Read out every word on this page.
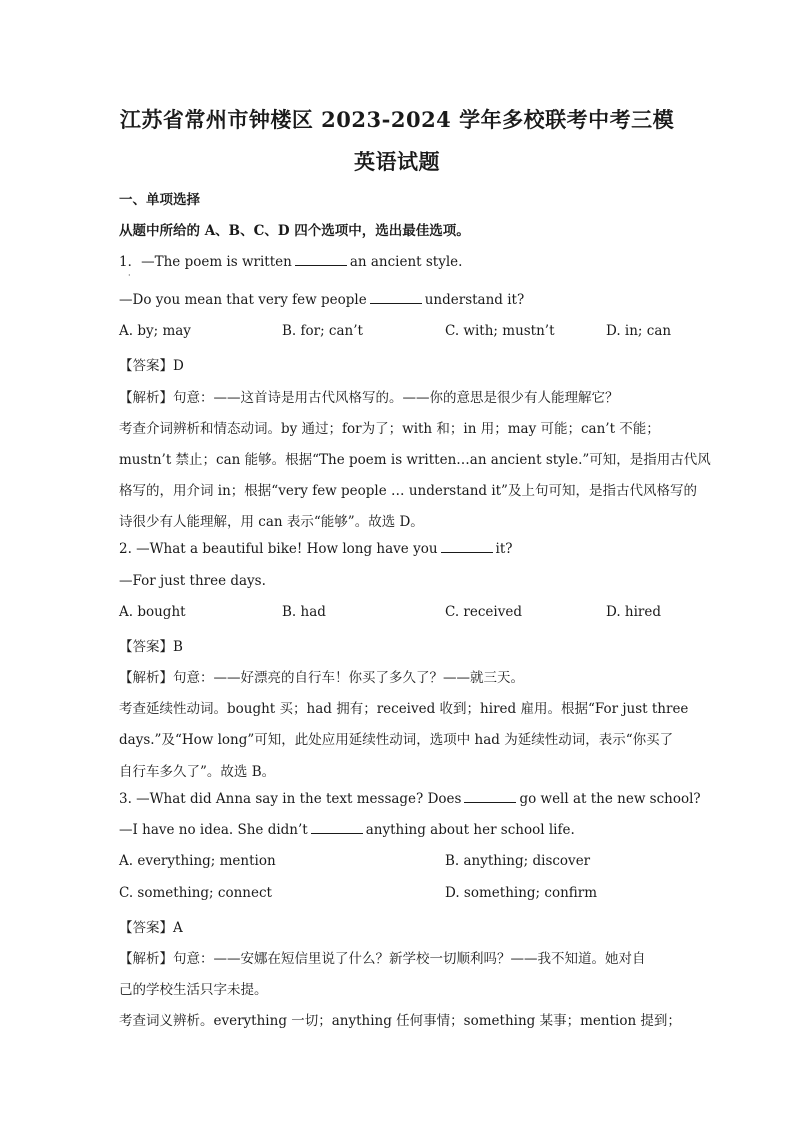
江苏省常州市钟楼区 2023-2024 学年多校联考中考三模
英语试题
一、单项选择
从题中所给的 A、B、C、D 四个选项中，选出最佳选项。
1．—The poem is written	an ancient style.
·
—Do you mean that very few people	understand it?
A. by; may	B. for; can’t	C. with; mustn’t	D. in; can
【答案】D
【解析】句意：——这首诗是用古代风格写的。——你的意思是很少有人能理解它？
考查介词辨析和情态动词。by 通过；for为了；with 和；in 用；may 可能；can’t 不能；
mustn’t 禁止；can 能够。根据“The poem is written…an ancient style.”可知，是指用古代风
格写的，用介词 in；根据“very few people … understand it”及上句可知，是指古代风格写的
诗很少有人能理解，用 can 表示“能够”。故选 D。
2. —What a beautiful bike! How long have you	it?
—For just three days.
A. bought	B. had	C. received	D. hired
【答案】B
【解析】句意：——好漂亮的自行车！你买了多久了？——就三天。
考查延续性动词。bought 买；had 拥有；received 收到；hired 雇用。根据“For just three
days.”及“How long”可知，此处应用延续性动词，选项中 had 为延续性动词，表示“你买了
自行车多久了”。故选 B。
3. —What did Anna say in the text message? Does	go well at the new school?
—I have no idea. She didn’t	anything about her school life.
A. everything; mention	B. anything; discover
C. something; connect	D. something; confirm
【答案】A
【解析】句意：——安娜在短信里说了什么？新学校一切顺利吗？——我不知道。她对自
己的学校生活只字未提。
考查词义辨析。everything 一切；anything 任何事情；something 某事；mention 提到；
